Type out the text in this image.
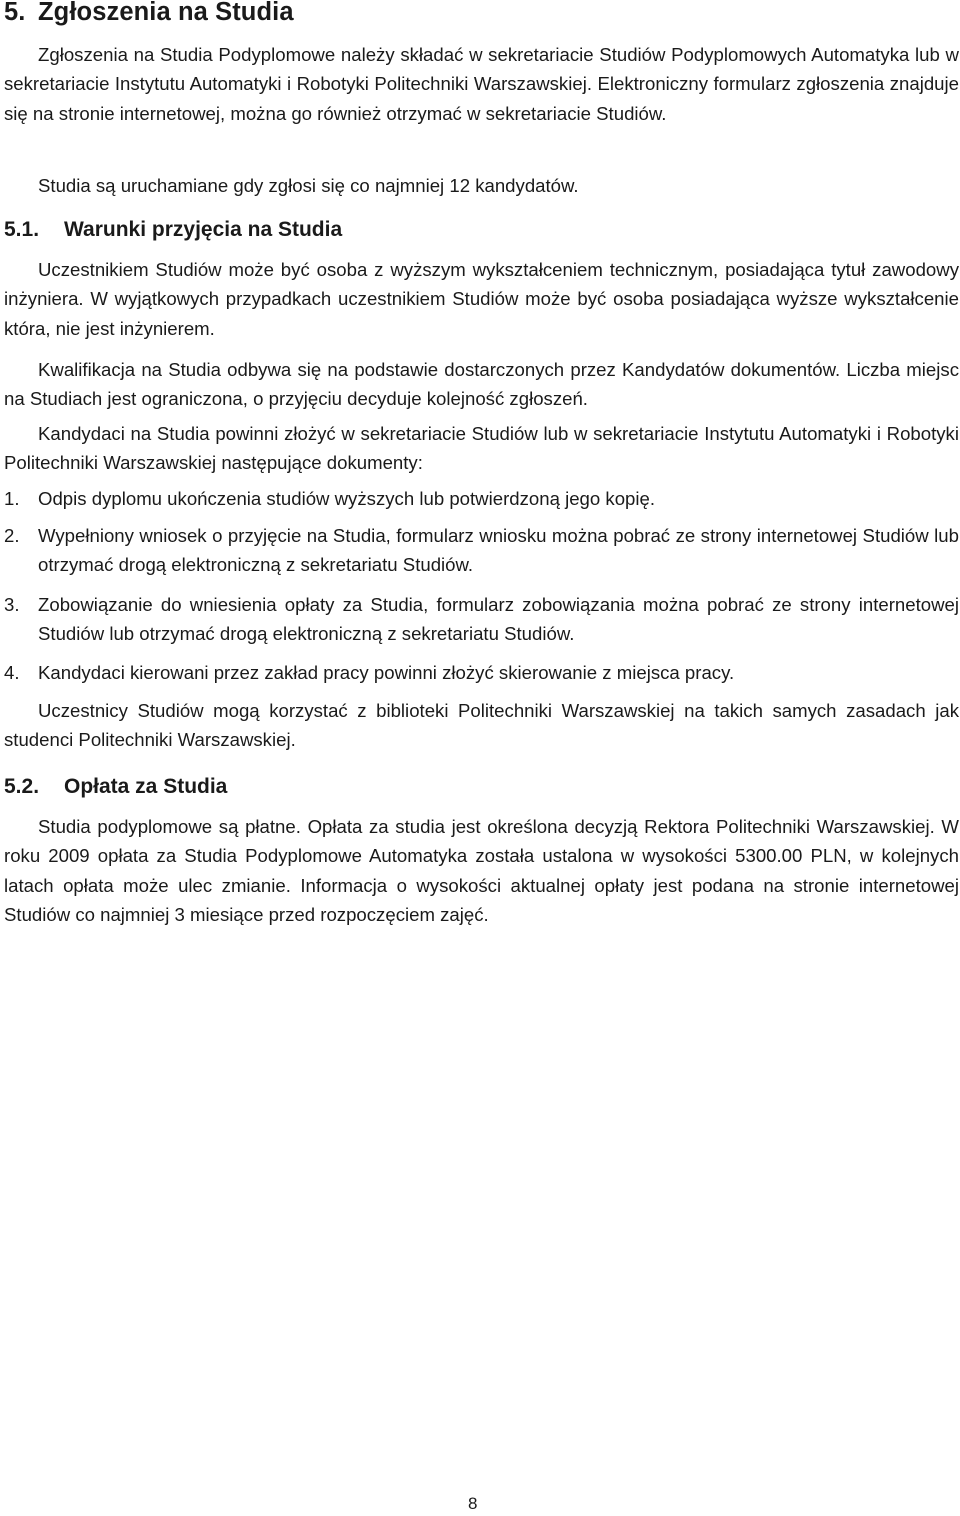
5. Zgłoszenia na Studia

Zgłoszenia na Studia Podyplomowe należy składać w sekretariacie Studiów Podyplomowych Automatyka lub w sekretariacie Instytutu Automatyki i Robotyki Politechniki Warszawskiej. Elektroniczny formularz zgłoszenia znajduje się na stronie internetowej, można go również otrzymać w sekretariacie Studiów.

Studia są uruchamiane gdy zgłosi się co najmniej 12 kandydatów.

5.1. Warunki przyjęcia na Studia

Uczestnikiem Studiów może być osoba z wyższym wykształceniem technicznym, posiadająca tytuł zawodowy inżyniera. W wyjątkowych przypadkach uczestnikiem Studiów może być osoba posiadająca wyższe wykształcenie która, nie jest inżynierem.

Kwalifikacja na Studia odbywa się na podstawie dostarczonych przez Kandydatów dokumentów. Liczba miejsc na Studiach jest ograniczona, o przyjęciu decyduje kolejność zgłoszeń.

Kandydaci na Studia powinni złożyć w sekretariacie Studiów lub w sekretariacie Instytutu Automatyki i Robotyki Politechniki Warszawskiej następujące dokumenty:

1. Odpis dyplomu ukończenia studiów wyższych lub potwierdzoną jego kopię.
2. Wypełniony wniosek o przyjęcie na Studia, formularz wniosku można pobrać ze strony internetowej Studiów lub otrzymać drogą elektroniczną z sekretariatu Studiów.
3. Zobowiązanie do wniesienia opłaty za Studia, formularz zobowiązania można pobrać ze strony internetowej Studiów lub otrzymać drogą elektroniczną z sekretariatu Studiów.
4. Kandydaci kierowani przez zakład pracy powinni złożyć skierowanie z miejsca pracy.

Uczestnicy Studiów mogą korzystać z biblioteki Politechniki Warszawskiej na takich samych zasadach jak studenci Politechniki Warszawskiej.

5.2. Opłata za Studia

Studia podyplomowe są płatne. Opłata za studia jest określona decyzją Rektora Politechniki Warszawskiej. W roku 2009 opłata za Studia Podyplomowe Automatyka została ustalona w wysokości 5300.00 PLN, w kolejnych latach opłata może ulec zmianie. Informacja o wysokości aktualnej opłaty jest podana na stronie internetowej Studiów co najmniej 3 miesiące przed rozpoczęciem zajęć.

8
